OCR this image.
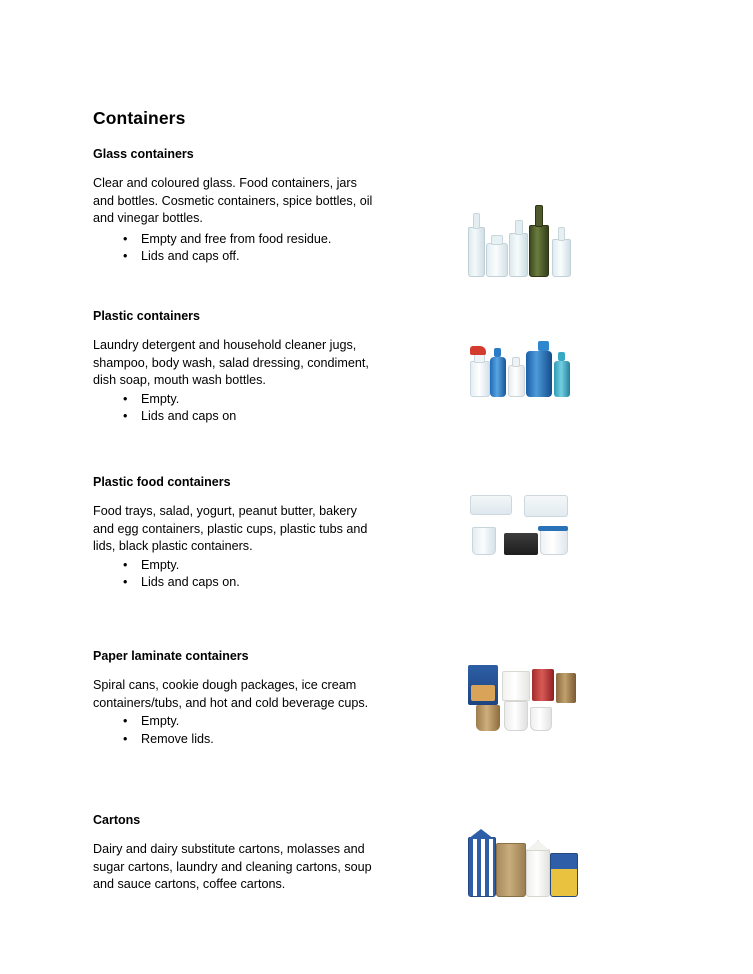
Containers
Glass containers

Clear and coloured glass. Food containers, jars and bottles. Cosmetic containers, spice bottles, oil and vinegar bottles.

• Empty and free from food residue.
• Lids and caps off.
Plastic containers

Laundry detergent and household cleaner jugs, shampoo, body wash, salad dressing, condiment, dish soap, mouth wash bottles.

• Empty.
• Lids and caps on
Plastic food containers

Food trays, salad, yogurt, peanut butter, bakery and egg containers, plastic cups, plastic tubs and lids, black plastic containers.

• Empty.
• Lids and caps on.
Paper laminate containers

Spiral cans, cookie dough packages, ice cream containers/tubs, and hot and cold beverage cups.

• Empty.
• Remove lids.
Cartons

Dairy and dairy substitute cartons, molasses and sugar cartons, laundry and cleaning cartons, soup and sauce cartons, coffee cartons.
